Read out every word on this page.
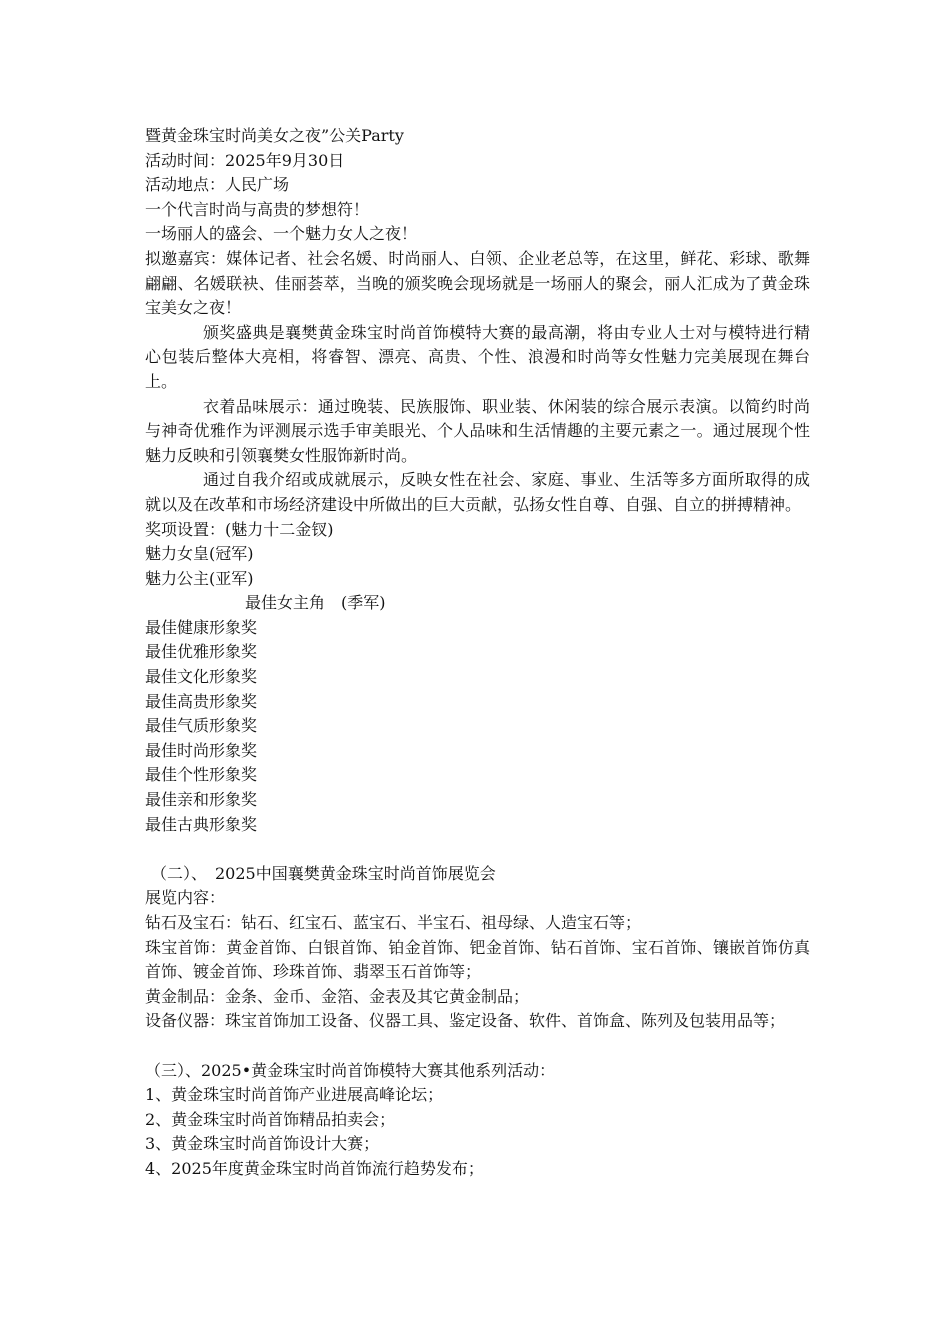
暨黄金珠宝时尚美女之夜”公关Party
活动时间：2025年9月30日
活动地点：人民广场
一个代言时尚与高贵的梦想符！
一场丽人的盛会、一个魅力女人之夜！
拟邀嘉宾：媒体记者、社会名媛、时尚丽人、白领、企业老总等，在这里，鲜花、彩球、歌舞翩翩、名媛联袂、佳丽荟萃，当晚的颁奖晚会现场就是一场丽人的聚会，丽人汇成为了黄金珠宝美女之夜！
颁奖盛典是襄樊黄金珠宝时尚首饰模特大赛的最高潮，将由专业人士对与模特进行精心包装后整体大亮相，将睿智、漂亮、高贵、个性、浪漫和时尚等女性魅力完美展现在舞台上。
衣着品味展示：通过晚装、民族服饰、职业装、休闲装的综合展示表演。以简约时尚与神奇优雅作为评测展示选手审美眼光、个人品味和生活情趣的主要元素之一。通过展现个性魅力反映和引领襄樊女性服饰新时尚。
通过自我介绍或成就展示，反映女性在社会、家庭、事业、生活等多方面所取得的成就以及在改革和市场经济建设中所做出的巨大贡献，弘扬女性自尊、自强、自立的拼搏精神。
奖项设置：(魅力十二金钗)
魅力女皇(冠军)
魅力公主(亚军)
最佳女主角　(季军)
最佳健康形象奖
最佳优雅形象奖
最佳文化形象奖
最佳高贵形象奖
最佳气质形象奖
最佳时尚形象奖
最佳个性形象奖
最佳亲和形象奖
最佳古典形象奖
（二）、　2025中国襄樊黄金珠宝时尚首饰展览会
展览内容：
钻石及宝石：钻石、红宝石、蓝宝石、半宝石、祖母绿、人造宝石等；
珠宝首饰：黄金首饰、白银首饰、铂金首饰、钯金首饰、钻石首饰、宝石首饰、镶嵌首饰仿真首饰、镀金首饰、珍珠首饰、翡翠玉石首饰等；
黄金制品：金条、金币、金箔、金表及其它黄金制品；
设备仪器：珠宝首饰加工设备、仪器工具、鉴定设备、软件、首饰盒、陈列及包装用品等；
（三）、2025•黄金珠宝时尚首饰模特大赛其他系列活动：
1、黄金珠宝时尚首饰产业进展高峰论坛；
2、黄金珠宝时尚首饰精品拍卖会；
3、黄金珠宝时尚首饰设计大赛；
4、2025年度黄金珠宝时尚首饰流行趋势发布；
